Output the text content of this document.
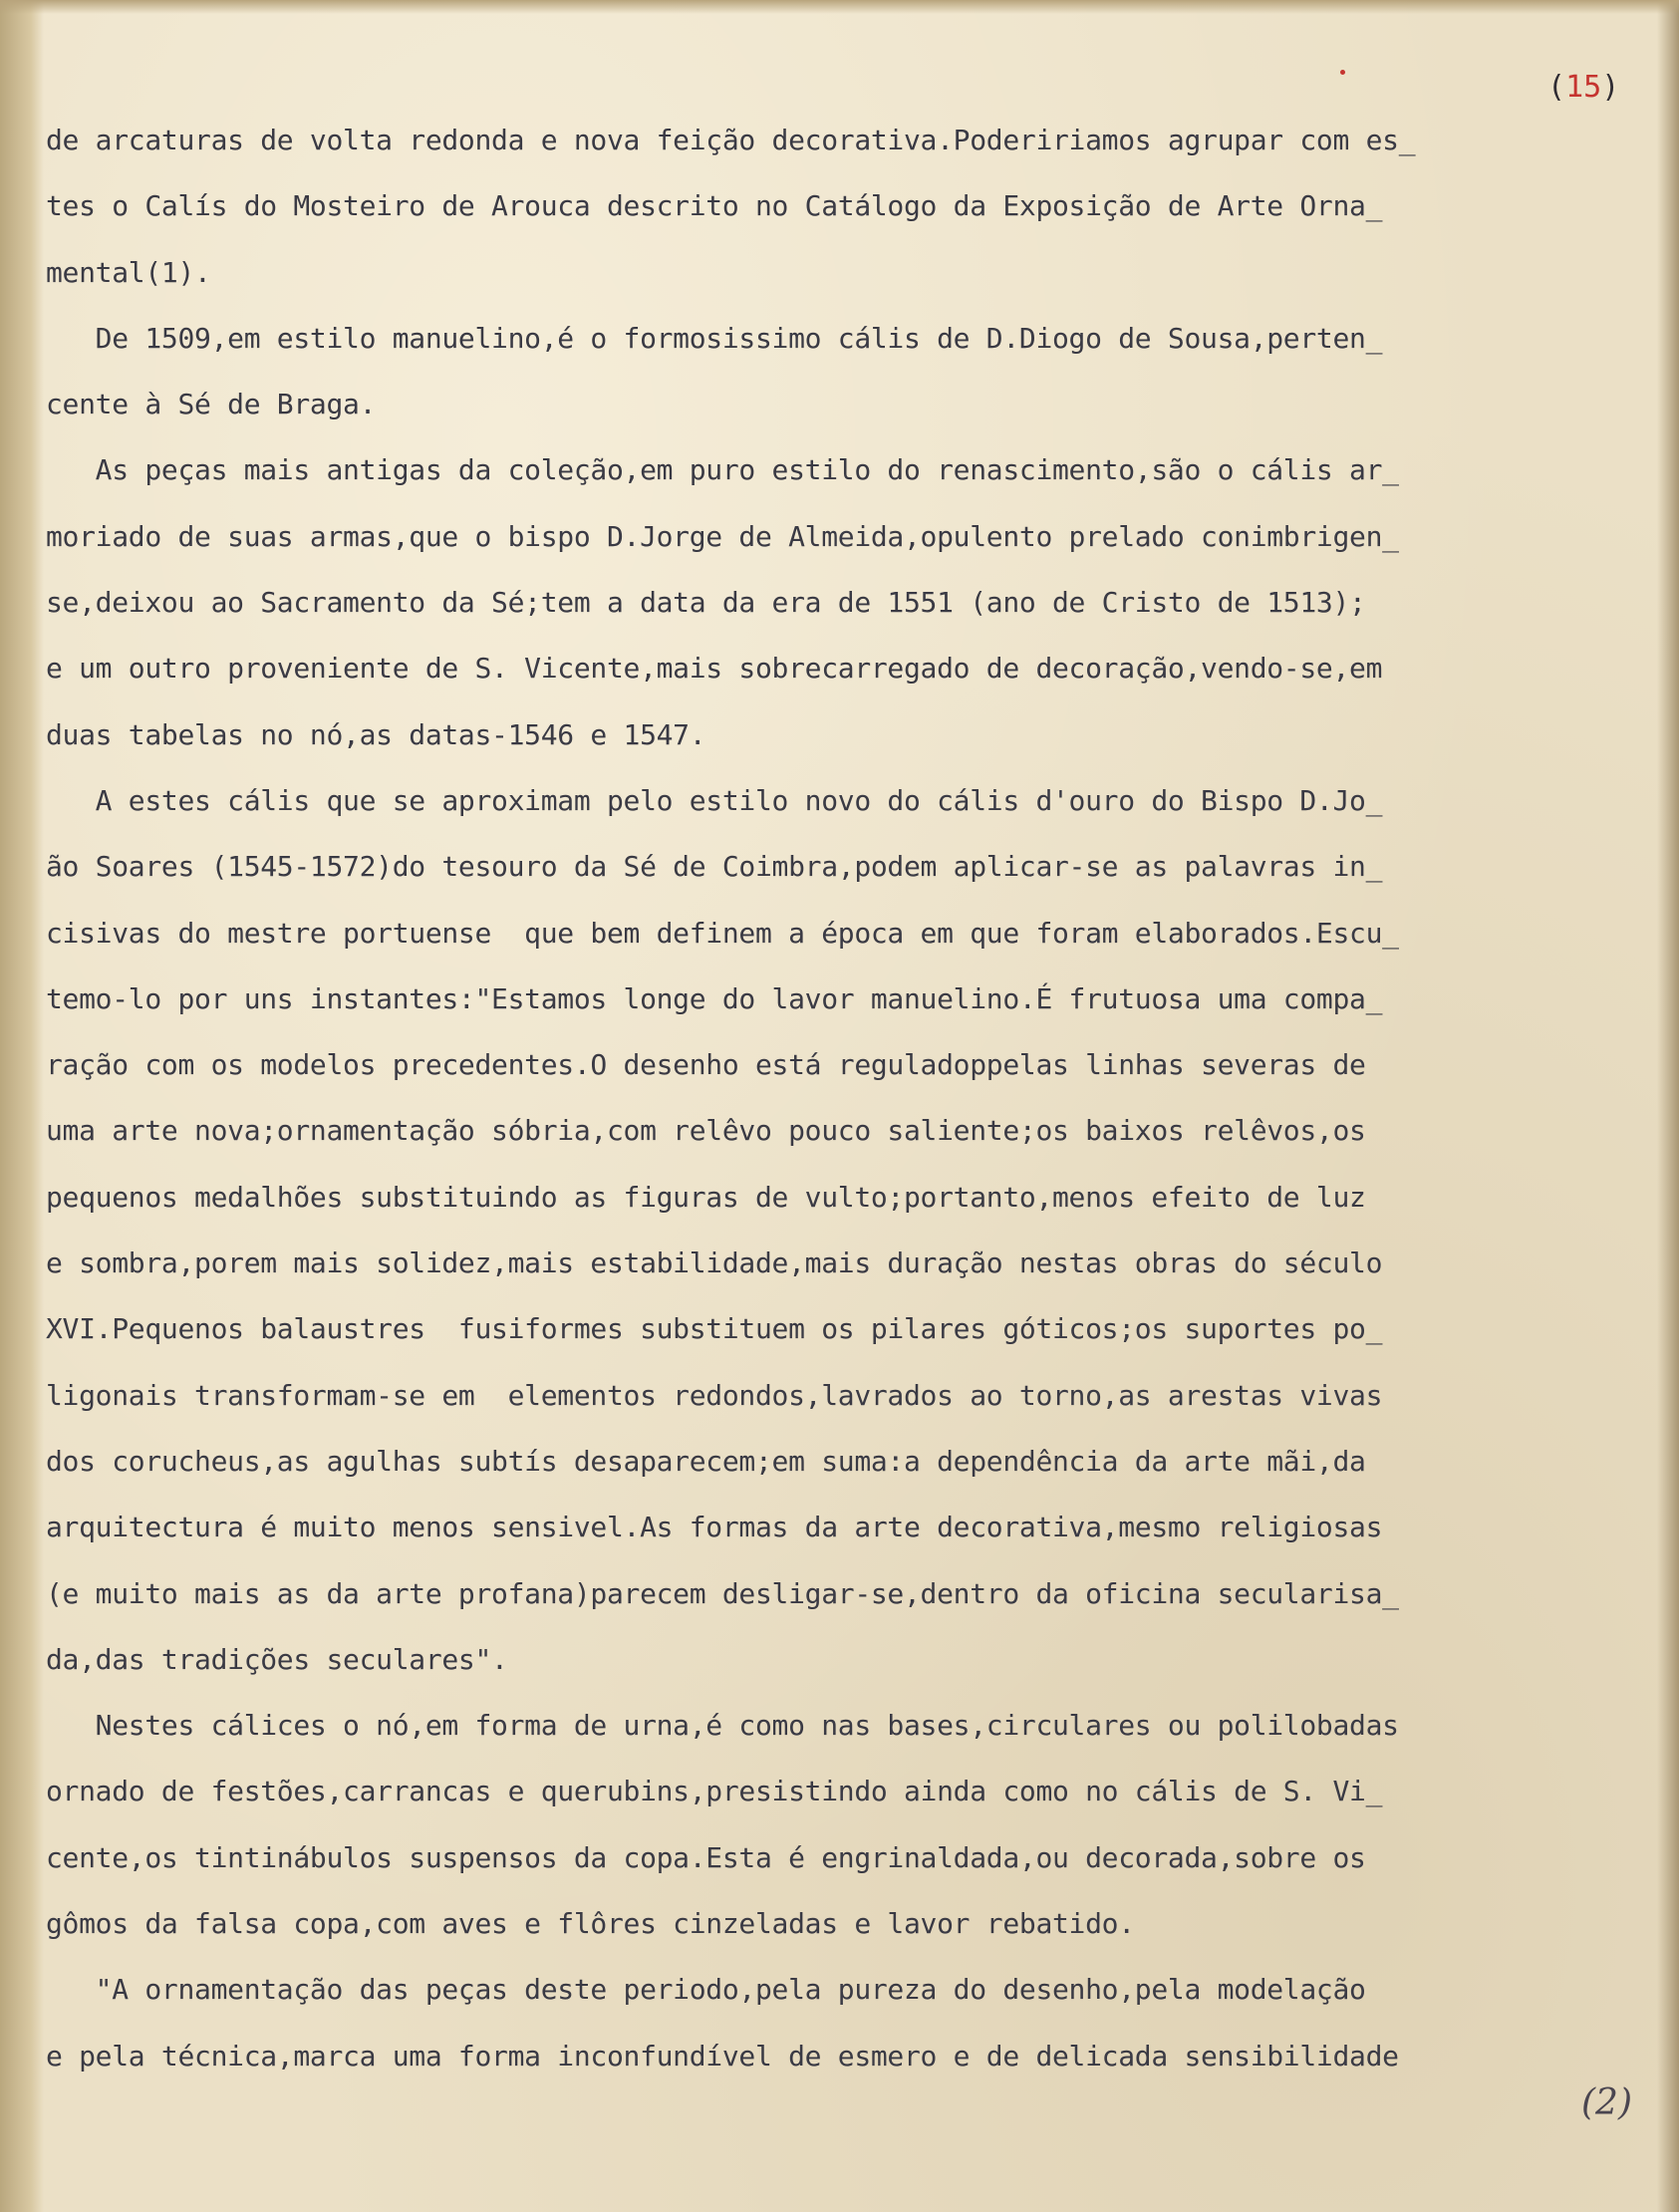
(15)

de arcaturas de volta redonda e nova feição decorativa.Podeririamos agrupar com es_

tes o Calís do Mosteiro de Arouca descrito no Catálogo da Exposição de Arte Orna_

mental(1).

De 1509,em estilo manuelino,é o formosissimo cális de D.Diogo de Sousa,perten_

cente à Sé de Braga.

As peças mais antigas da coleção,em puro estilo do renascimento,são o cális ar_

moriado de suas armas,que o bispo D.Jorge de Almeida,opulento prelado conimbrigen_

se,deixou ao Sacramento da Sé;tem a data da era de 1551 (ano de Cristo de 1513);

e um outro proveniente de S. Vicente,mais sobrecarregado de decoração,vendo-se,em

duas tabelas no nó,as datas-1546 e 1547.

A estes cális que se aproximam pelo estilo novo do cális d'ouro do Bispo D.Jo_

ão Soares (1545-1572)do tesouro da Sé de Coimbra,podem aplicar-se as palavras in_

cisivas do mestre portuense  que bem definem a época em que foram elaborados.Escu_

temo-lo por uns instantes:"Estamos longe do lavor manuelino.É frutuosa uma compa_

ração com os modelos precedentes.O desenho está reguladoppelas linhas severas de

uma arte nova;ornamentação sóbria,com relêvo pouco saliente;os baixos relêvos,os

pequenos medalhões substituindo as figuras de vulto;portanto,menos efeito de luz

e sombra,porem mais solidez,mais estabilidade,mais duração nestas obras do século

XVI.Pequenos balaustres  fusiformes substituem os pilares góticos;os suportes po_

ligonais transformam-se em  elementos redondos,lavrados ao torno,as arestas vivas

dos corucheus,as agulhas subtís desaparecem;em suma:a dependência da arte mãi,da

arquitectura é muito menos sensivel.As formas da arte decorativa,mesmo religiosas

(e muito mais as da arte profana)parecem desligar-se,dentro da oficina secularisa_

da,das tradições seculares".

Nestes cálices o nó,em forma de urna,é como nas bases,circulares ou polilobadas

ornado de festões,carrancas e querubins,presistindo ainda como no cális de S. Vi_

cente,os tintinábulos suspensos da copa.Esta é engrinaldada,ou decorada,sobre os

gômos da falsa copa,com aves e flôres cinzeladas e lavor rebatido.

"A ornamentação das peças deste periodo,pela pureza do desenho,pela modelação

e pela técnica,marca uma forma inconfundível de esmero e de delicada sensibilidade

(2)
